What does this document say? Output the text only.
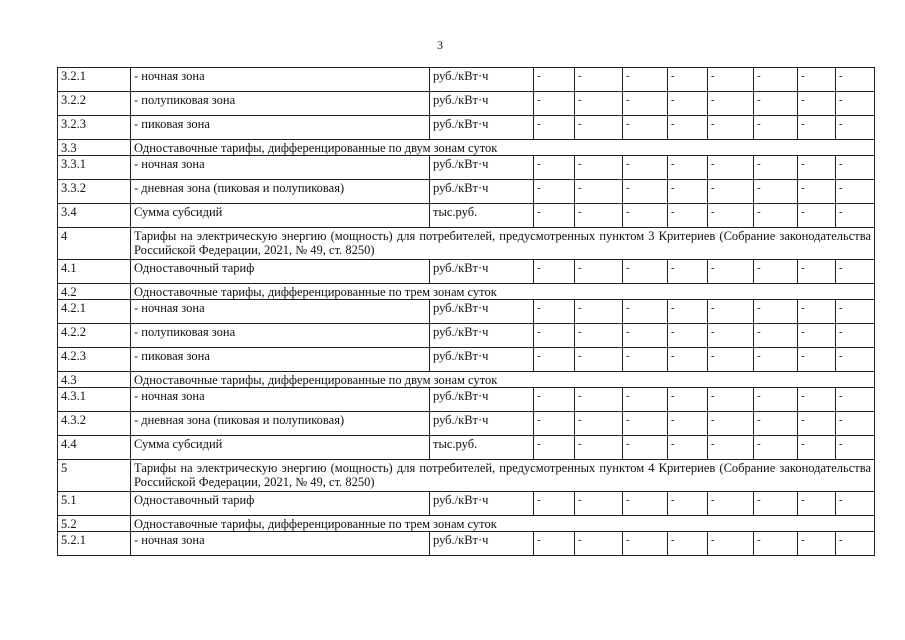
3
3.2.1	- ночная зона	руб./кВт·ч	-	-	-	-	-	-	-	-
3.2.2	- полупиковая зона	руб./кВт·ч	-	-	-	-	-	-	-	-
3.2.3	- пиковая зона	руб./кВт·ч	-	-	-	-	-	-	-	-
3.3	Одноставочные тарифы, дифференцированные по двум зонам суток									
3.3.1	- ночная зона	руб./кВт·ч	-	-	-	-	-	-	-	-
3.3.2	- дневная зона (пиковая и полупиковая)	руб./кВт·ч	-	-	-	-	-	-	-	-
3.4	Сумма субсидий	тыс.руб.	-	-	-	-	-	-	-	-
4	Тарифы на электрическую энергию (мощность) для потребителей, предусмотренных пунктом 3 Критериев (Собрание законодательства Российской Федерации, 2021, № 49, ст. 8250)									
4.1	Одноставочный тариф	руб./кВт·ч	-	-	-	-	-	-	-	-
4.2	Одноставочные тарифы, дифференцированные по трем зонам суток									
4.2.1	- ночная зона	руб./кВт·ч	-	-	-	-	-	-	-	-
4.2.2	- полупиковая зона	руб./кВт·ч	-	-	-	-	-	-	-	-
4.2.3	- пиковая зона	руб./кВт·ч	-	-	-	-	-	-	-	-
4.3	Одноставочные тарифы, дифференцированные по двум зонам суток									
4.3.1	- ночная зона	руб./кВт·ч	-	-	-	-	-	-	-	-
4.3.2	- дневная зона (пиковая и полупиковая)	руб./кВт·ч	-	-	-	-	-	-	-	-
4.4	Сумма субсидий	тыс.руб.	-	-	-	-	-	-	-	-
5	Тарифы на электрическую энергию (мощность) для потребителей, предусмотренных пунктом 4 Критериев (Собрание законодательства Российской Федерации, 2021, № 49, ст. 8250)									
5.1	Одноставочный тариф	руб./кВт·ч	-	-	-	-	-	-	-	-
5.2	Одноставочные тарифы, дифференцированные по трем зонам суток									
5.2.1	- ночная зона	руб./кВт·ч	-	-	-	-	-	-	-	-
